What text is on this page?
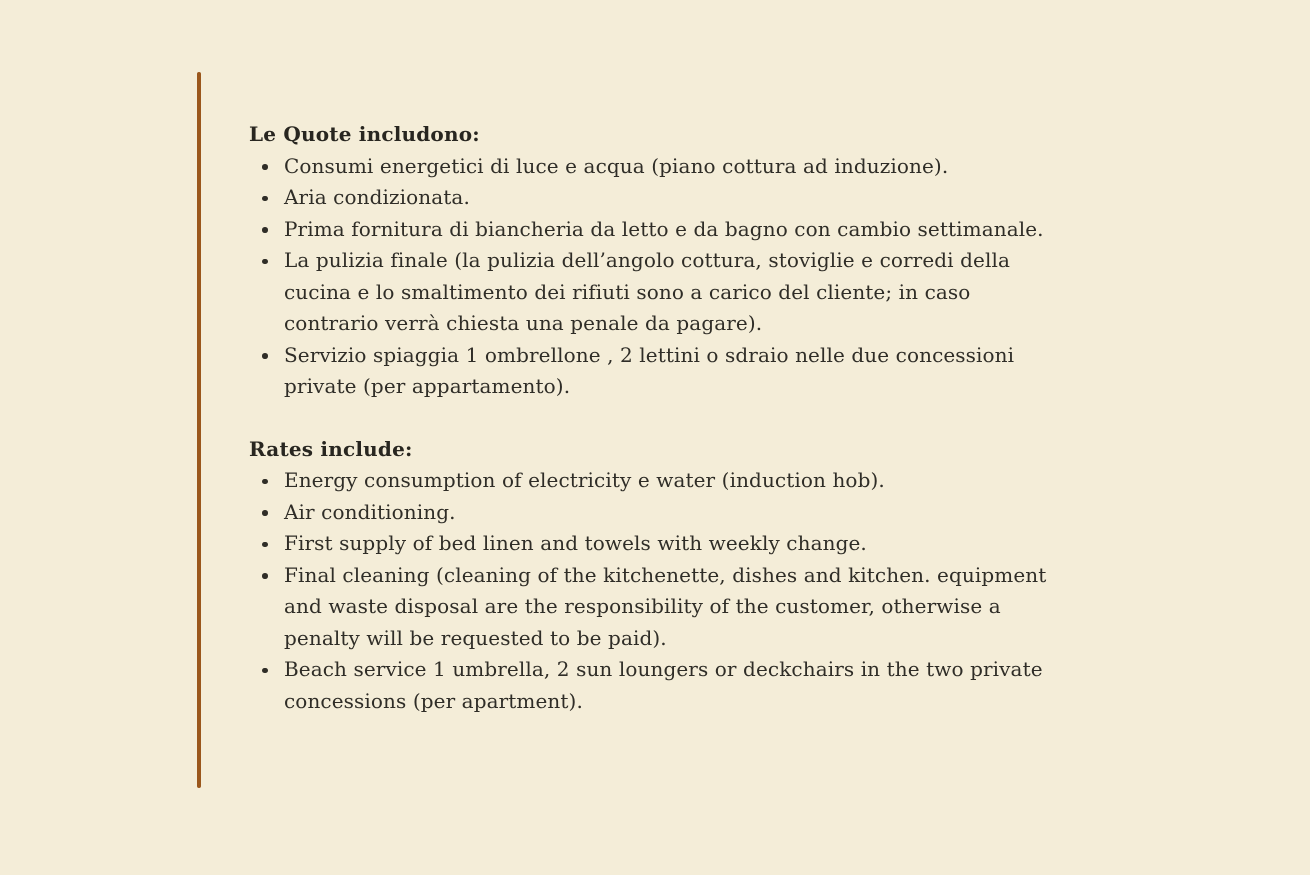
Le Quote includono:
Consumi energetici di luce e acqua (piano cottura ad induzione).
Aria condizionata.
Prima fornitura di biancheria da letto e da bagno con cambio settimanale.
La pulizia finale (la pulizia dell’angolo cottura, stoviglie e corredi della cucina e lo smaltimento dei rifiuti sono a carico del cliente; in caso contrario verrà chiesta una penale da pagare).
Servizio spiaggia 1 ombrellone , 2 lettini o sdraio nelle due concessioni private (per appartamento).
Rates include:
Energy consumption of electricity e water (induction hob).
Air conditioning.
First supply of bed linen and towels with weekly change.
Final cleaning (cleaning of the kitchenette, dishes and kitchen. equipment and waste disposal are the responsibility of the customer, otherwise a penalty will be requested to be paid).
Beach service 1 umbrella, 2 sun loungers or deckchairs in the two private concessions (per apartment).
